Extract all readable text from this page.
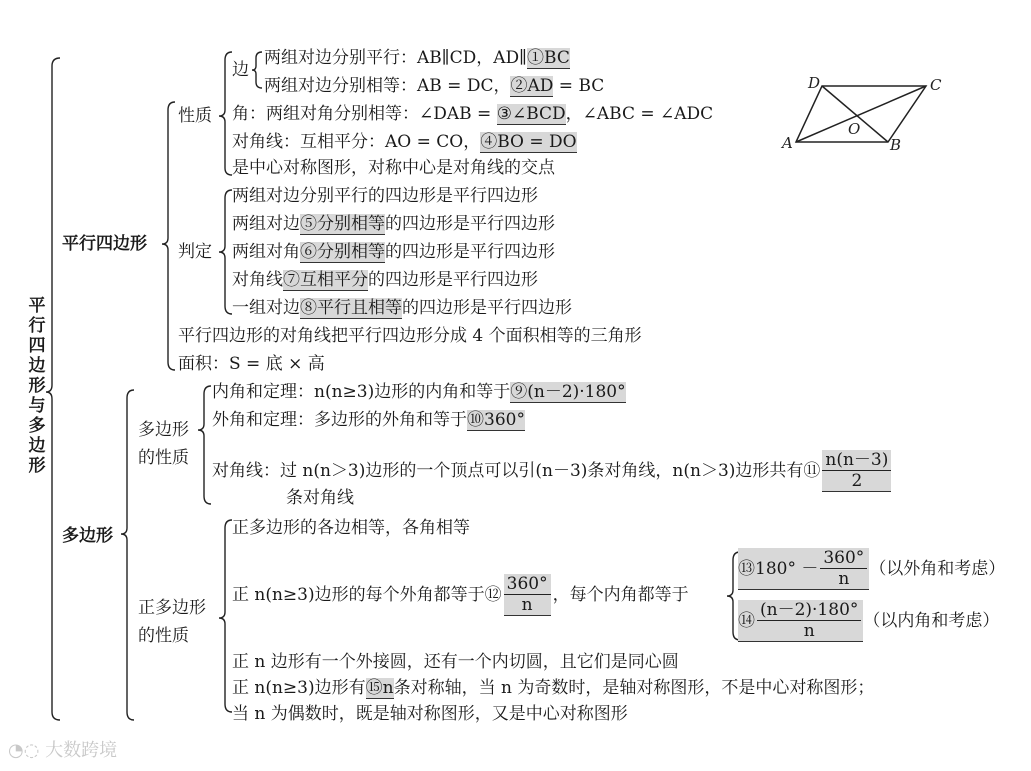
平
行
四
边
形
与
多
边
形
平行四边形
性质
边
两组对边分别平行：AB∥CD，AD∥①BC
两组对边分别相等：AB = DC，②AD = BC
角：两组对角分别相等：∠DAB = ③∠BCD，∠ABC = ∠ADC
对角线：互相平分：AO = CO，④BO = DO
是中心对称图形，对称中心是对角线的交点
判定
两组对边分别平行的四边形是平行四边形
两组对边⑤分别相等的四边形是平行四边形
两组对角⑥分别相等的四边形是平行四边形
对角线⑦互相平分的四边形是平行四边形
一组对边⑧平行且相等的四边形是平行四边形
平行四边形的对角线把平行四边形分成 4 个面积相等的三角形
面积：S = 底 × 高
D	C
A	B
O
多边形
多边形
的性质
内角和定理：n(n≥3)边形的内角和等于⑨(n－2)·180°
外角和定理：多边形的外角和等于⑩360°
对角线：过 n(n＞3)边形的一个顶点可以引(n－3)条对角线，n(n＞3)边形共有⑪ $\frac{n(n-3)}{2}$
条对角线
正多边形
的性质
正多边形的各边相等，各角相等
正 n(n≥3)边形的每个外角都等于⑫ $\frac{360^\circ}{n}$ ，每个内角都等于
⑬180° － $\frac{360^\circ}{n}$ （以外角和考虑）
⑭ $\frac{(n-2)\cdot 180^\circ}{n}$ （以内角和考虑）
正 n 边形有一个外接圆，还有一个内切圆，且它们是同心圆
正 n(n≥3)边形有⑮n条对称轴，当 n 为奇数时，是轴对称图形，不是中心对称图形；
当 n 为偶数时，既是轴对称图形，又是中心对称图形
◔◌ 大数跨境
